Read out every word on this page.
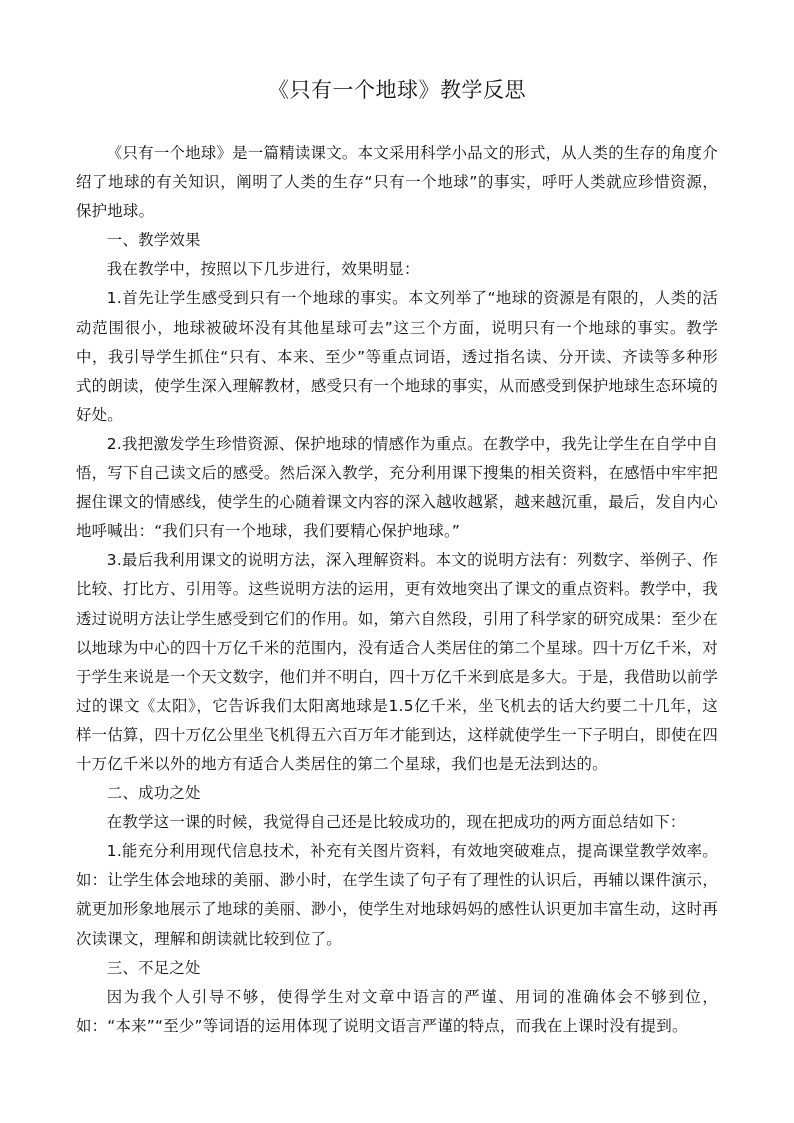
《只有一个地球》教学反思

《只有一个地球》是一篇精读课文。本文采用科学小品文的形式，从人类的生存的角度介绍了地球的有关知识，阐明了人类的生存“只有一个地球”的事实，呼吁人类就应珍惜资源，保护地球。

一、教学效果

我在教学中，按照以下几步进行，效果明显：

1.首先让学生感受到只有一个地球的事实。本文列举了“地球的资源是有限的，人类的活动范围很小，地球被破坏没有其他星球可去”这三个方面，说明只有一个地球的事实。教学中，我引导学生抓住“只有、本来、至少”等重点词语，透过指名读、分开读、齐读等多种形式的朗读，使学生深入理解教材，感受只有一个地球的事实，从而感受到保护地球生态环境的好处。

2.我把激发学生珍惜资源、保护地球的情感作为重点。在教学中，我先让学生在自学中自悟，写下自己读文后的感受。然后深入教学，充分利用课下搜集的相关资料，在感悟中牢牢把握住课文的情感线，使学生的心随着课文内容的深入越收越紧，越来越沉重，最后，发自内心地呼喊出：“我们只有一个地球，我们要精心保护地球。”

3.最后我利用课文的说明方法，深入理解资料。本文的说明方法有：列数字、举例子、作比较、打比方、引用等。这些说明方法的运用，更有效地突出了课文的重点资料。教学中，我透过说明方法让学生感受到它们的作用。如，第六自然段，引用了科学家的研究成果：至少在以地球为中心的四十万亿千米的范围内，没有适合人类居住的第二个星球。四十万亿千米，对于学生来说是一个天文数字，他们并不明白，四十万亿千米到底是多大。于是，我借助以前学过的课文《太阳》，它告诉我们太阳离地球是1.5亿千米，坐飞机去的话大约要二十几年，这样一估算，四十万亿公里坐飞机得五六百万年才能到达，这样就使学生一下子明白，即使在四十万亿千米以外的地方有适合人类居住的第二个星球，我们也是无法到达的。

二、成功之处

在教学这一课的时候，我觉得自己还是比较成功的，现在把成功的两方面总结如下：

1.能充分利用现代信息技术，补充有关图片资料，有效地突破难点，提高课堂教学效率。如：让学生体会地球的美丽、渺小时，在学生读了句子有了理性的认识后，再辅以课件演示，就更加形象地展示了地球的美丽、渺小，使学生对地球妈妈的感性认识更加丰富生动，这时再次读课文，理解和朗读就比较到位了。

三、不足之处

因为我个人引导不够，使得学生对文章中语言的严谨、用词的准确体会不够到位，如：“本来”“至少”等词语的运用体现了说明文语言严谨的特点，而我在上课时没有提到。
